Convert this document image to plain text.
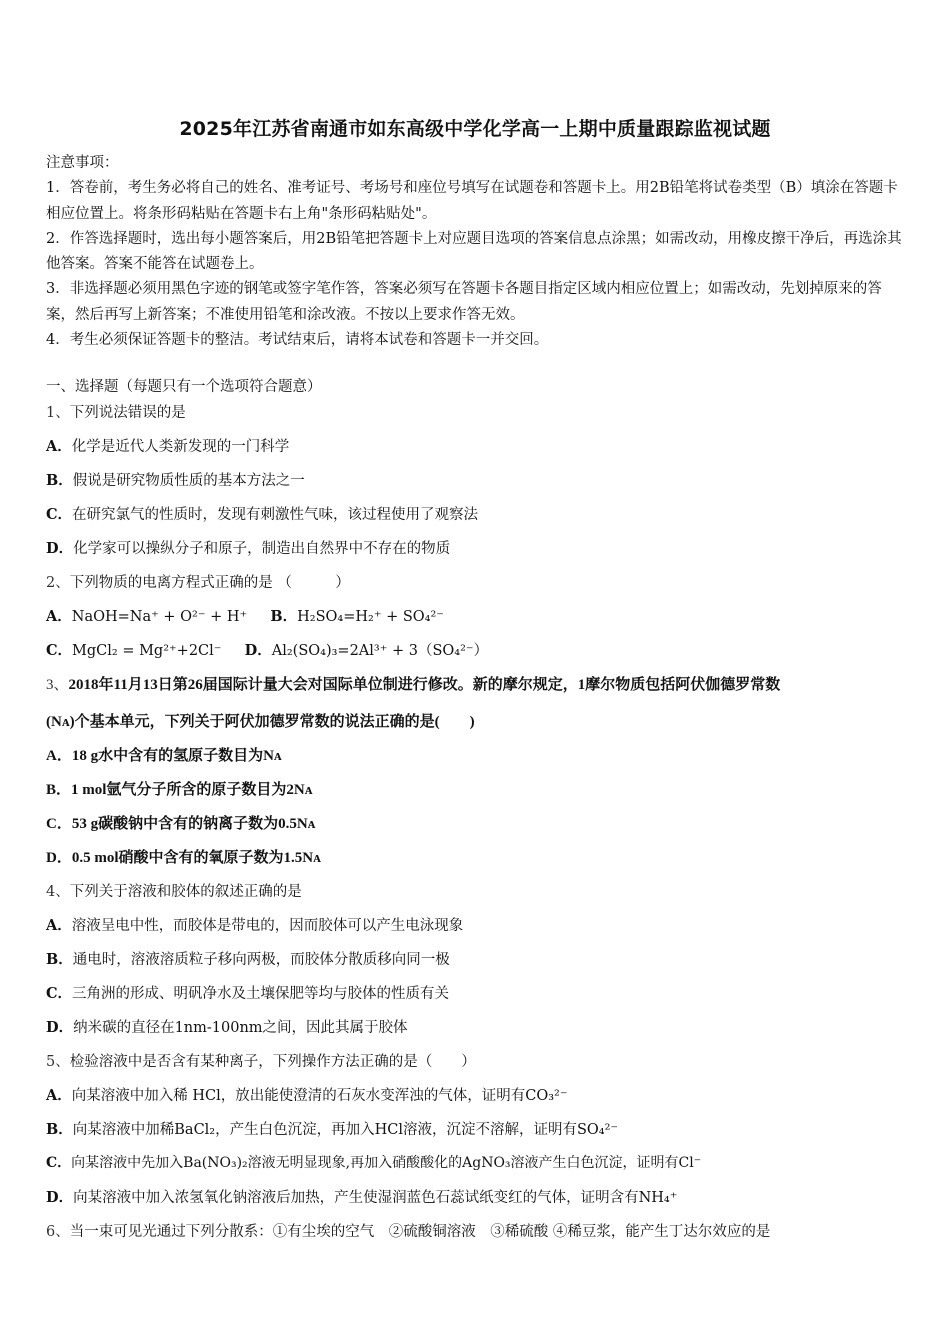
2025年江苏省南通市如东高级中学化学高一上期中质量跟踪监视试题

注意事项：

1．答卷前，考生务必将自己的姓名、准考证号、考场号和座位号填写在试题卷和答题卡上。用2B铅笔将试卷类型（B）填涂在答题卡相应位置上。将条形码粘贴在答题卡右上角"条形码粘贴处"。

2．作答选择题时，选出每小题答案后，用2B铅笔把答题卡上对应题目选项的答案信息点涂黑；如需改动，用橡皮擦干净后，再选涂其他答案。答案不能答在试题卷上。

3．非选择题必须用黑色字迹的钢笔或签字笔作答，答案必须写在答题卡各题目指定区域内相应位置上；如需改动，先划掉原来的答案，然后再写上新答案；不准使用铅笔和涂改液。不按以上要求作答无效。

4．考生必须保证答题卡的整洁。考试结束后，请将本试卷和答题卡一并交回。

一、选择题（每题只有一个选项符合题意）
1、下列说法错误的是
A．化学是近代人类新发现的一门科学
B．假说是研究物质性质的基本方法之一
C．在研究氯气的性质时，发现有刺激性气味，该过程使用了观察法
D．化学家可以操纵分子和原子，制造出自然界中不存在的物质
2、下列物质的电离方程式正确的是 （　　　）
A．NaOH=Na⁺ + O²⁻ + H⁺ B．H₂SO₄=H₂⁺ + SO₄²⁻
C．MgCl₂ = Mg²⁺+2Cl⁻ D．Al₂(SO₄)₃=2Al³⁺ + 3（SO₄²⁻）
3、2018年11月13日第26届国际计量大会对国际单位制进行修改。新的摩尔规定，1摩尔物质包括阿伏伽德罗常数
(Nᴀ)个基本单元，下列关于阿伏加德罗常数的说法正确的是(　　)
A．18 g水中含有的氢原子数目为Nᴀ
B．1 mol氩气分子所含的原子数目为2Nᴀ
C．53 g碳酸钠中含有的钠离子数为0.5Nᴀ
D．0.5 mol硝酸中含有的氧原子数为1.5Nᴀ
4、下列关于溶液和胶体的叙述正确的是
A．溶液呈电中性，而胶体是带电的，因而胶体可以产生电泳现象
B．通电时，溶液溶质粒子移向两极，而胶体分散质移向同一极
C．三角洲的形成、明矾净水及土壤保肥等均与胶体的性质有关
D．纳米碳的直径在1nm-100nm之间，因此其属于胶体
5、检验溶液中是否含有某种离子，下列操作方法正确的是（　　）
A．向某溶液中加入稀 HCl，放出能使澄清的石灰水变浑浊的气体，证明有CO₃²⁻
B．向某溶液中加稀BaCl₂，产生白色沉淀，再加入HCl溶液，沉淀不溶解，证明有SO₄²⁻
C．向某溶液中先加入Ba(NO₃)₂溶液无明显现象,再加入硝酸酸化的AgNO₃溶液产生白色沉淀，证明有Cl⁻
D．向某溶液中加入浓氢氧化钠溶液后加热，产生使湿润蓝色石蕊试纸变红的气体，证明含有NH₄⁺
6、当一束可见光通过下列分散系：①有尘埃的空气　②硫酸铜溶液　③稀硫酸 ④稀豆浆，能产生丁达尔效应的是
